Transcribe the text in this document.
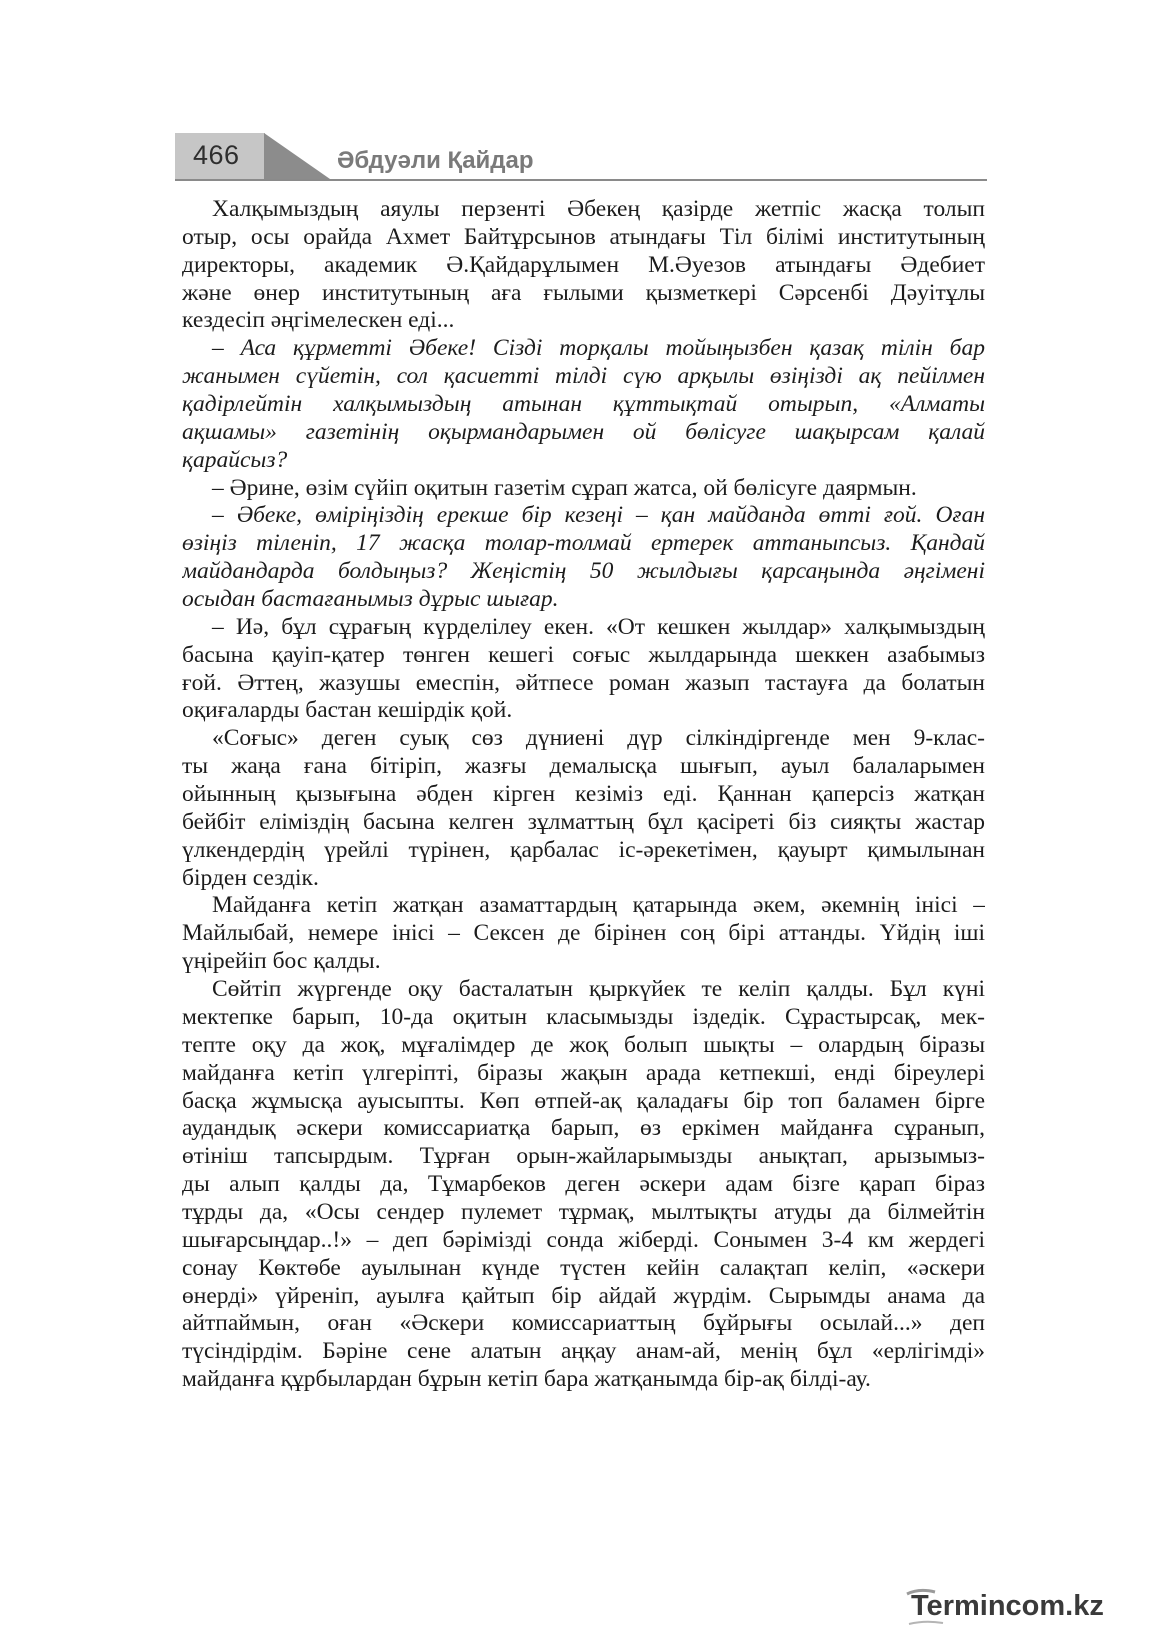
466	Әбдуәли Қайдар
Халқымыздың аяулы перзенті Әбекең қазірде жетпіс жасқа толып
отыр, осы орайда Ахмет Байтұрсынов атындағы Тіл білімі институтының
директоры, академик Ә.Қайдарұлымен М.Әуезов атындағы Әдебиет
және өнер институтының аға ғылыми қызметкері Сәрсенбі Дәуітұлы
кездесіп әңгімелескен еді...
– Аса құрметті Әбеке! Сізді торқалы тойыңызбен қазақ тілін бар
жанымен сүйетін, сол қасиетті тілді сүю арқылы өзіңізді ақ пейілмен
қадірлейтін халқымыздың атынан құттықтай отырып, «Алматы
ақшамы» газетінің оқырмандарымен ой бөлісуге шақырсам қалай
қарайсыз?
– Әрине, өзім сүйіп оқитын газетім сұрап жатса, ой бөлісуге даярмын.
– Әбеке, өміріңіздің ерекше бір кезеңі – қан майданда өтті ғой. Оған
өзіңіз тіленіп, 17 жасқа толар-толмай ертерек аттаныпсыз. Қандай
майдандарда болдыңыз? Жеңістің 50 жылдығы қарсаңында әңгімені
осыдан бастағанымыз дұрыс шығар.
– Иә, бұл сұрағың күрделілеу екен. «От кешкен жылдар» халқымыздың
басына қауіп-қатер төнген кешегі соғыс жылдарында шеккен азабымыз
ғой. Әттең, жазушы емеспін, әйтпесе роман жазып тастауға да болатын
оқиғаларды бастан кешірдік қой.
«Соғыс» деген суық сөз дүниені дүр сілкіндіргенде мен 9-клас-
ты жаңа ғана бітіріп, жазғы демалысқа шығып, ауыл балаларымен
ойынның қызығына әбден кірген кезіміз еді. Қаннан қаперсіз жатқан
бейбіт еліміздің басына келген зұлматтың бұл қасіреті біз сияқты жастар
үлкендердің үрейлі түрінен, қарбалас іс-әрекетімен, қауырт қимылынан
бірден сездік.
Майданға кетіп жатқан азаматтардың қатарында әкем, әкемнің інісі –
Майлыбай, немере інісі – Сексен де бірінен соң бірі аттанды. Үйдің іші
үңірейіп бос қалды.
Сөйтіп жүргенде оқу басталатын қыркүйек те келіп қалды. Бұл күні
мектепке барып, 10-да оқитын класымызды іздедік. Сұрастырсақ, мек-
тепте оқу да жоқ, мұғалімдер де жоқ болып шықты – олардың біразы
майданға кетіп үлгеріпті, біразы жақын арада кетпекші, енді біреулері
басқа жұмысқа ауысыпты. Көп өтпей-ақ қаладағы бір топ баламен бірге
аудандық әскери комиссариатқа барып, өз еркімен майданға сұранып,
өтініш тапсырдым. Тұрған орын-жайларымызды анықтап, арызымыз-
ды алып қалды да, Тұмарбеков деген әскери адам бізге қарап біраз
тұрды да, «Осы сендер пулемет тұрмақ, мылтықты атуды да білмейтін
шығарсыңдар..!» – деп бәрімізді сонда жіберді. Сонымен 3-4 км жердегі
сонау Көктөбе ауылынан күнде түстен кейін салақтап келіп, «әскери
өнерді» үйреніп, ауылға қайтып бір айдай жүрдім. Сырымды анама да
айтпаймын, оған «Әскери комиссариаттың бұйрығы осылай...» деп
түсіндірдім. Бәріне сене алатын аңқау анам-ай, менің бұл «ерлігімді»
майданға құрбылардан бұрын кетіп бара жатқанымда бір-ақ білді-ау.
Termincom.kz
